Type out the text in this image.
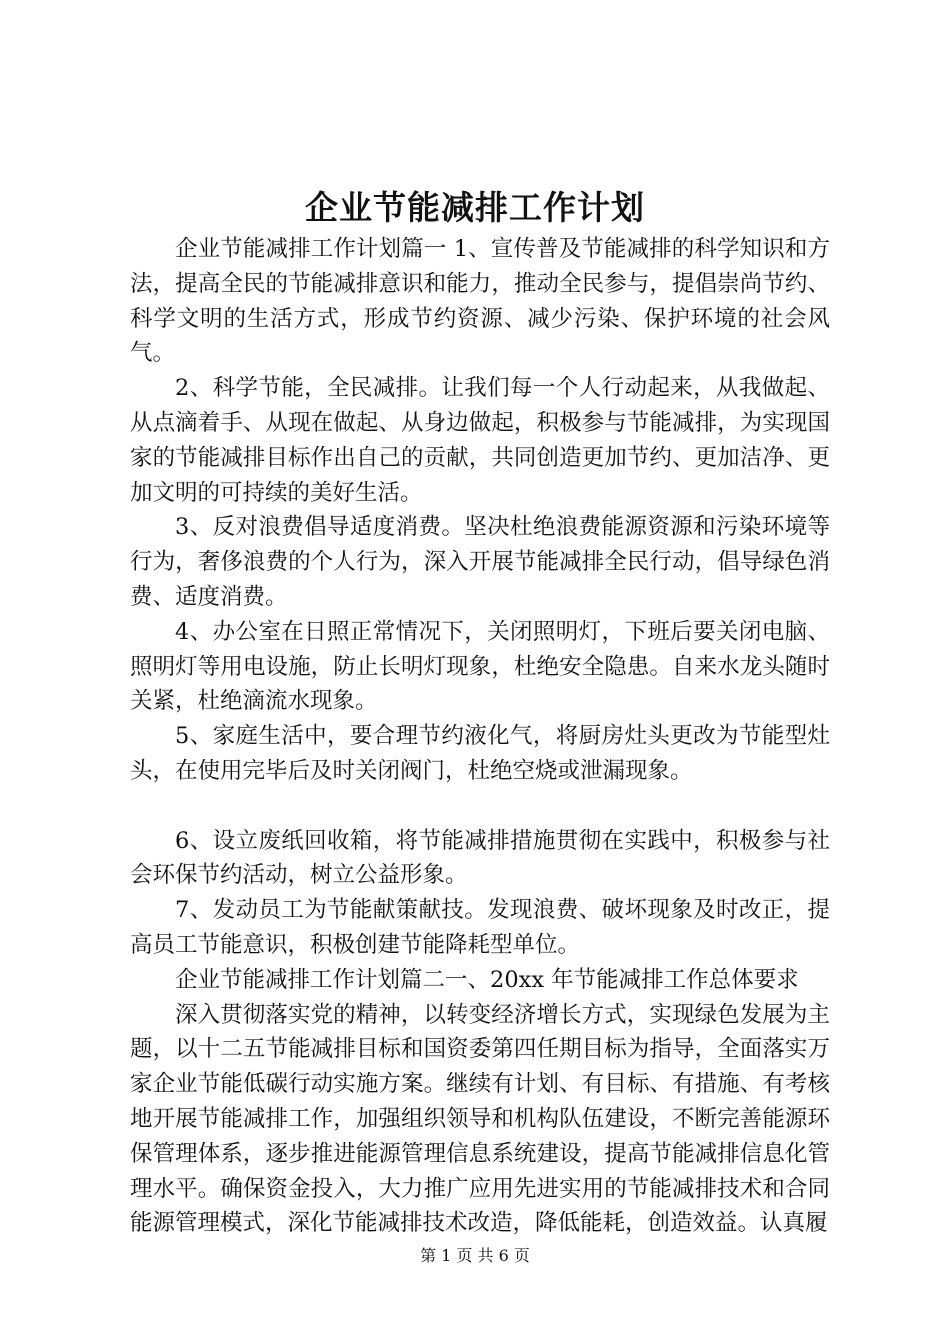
企业节能减排工作计划

企业节能减排工作计划篇一 1、宣传普及节能减排的科学知识和方法，提高全民的节能减排意识和能力，推动全民参与，提倡崇尚节约、科学文明的生活方式，形成节约资源、减少污染、保护环境的社会风气。

2、科学节能，全民减排。让我们每一个人行动起来，从我做起、从点滴着手、从现在做起、从身边做起，积极参与节能减排，为实现国家的节能减排目标作出自己的贡献，共同创造更加节约、更加洁净、更加文明的可持续的美好生活。

3、反对浪费倡导适度消费。坚决杜绝浪费能源资源和污染环境等行为，奢侈浪费的个人行为，深入开展节能减排全民行动，倡导绿色消费、适度消费。

4、办公室在日照正常情况下，关闭照明灯，下班后要关闭电脑、照明灯等用电设施，防止长明灯现象，杜绝安全隐患。自来水龙头随时关紧，杜绝滴流水现象。

5、家庭生活中，要合理节约液化气，将厨房灶头更改为节能型灶头，在使用完毕后及时关闭阀门，杜绝空烧或泄漏现象。

6、设立废纸回收箱，将节能减排措施贯彻在实践中，积极参与社会环保节约活动，树立公益形象。

7、发动员工为节能献策献技。发现浪费、破坏现象及时改正，提高员工节能意识，积极创建节能降耗型单位。

企业节能减排工作计划篇二一、20xx 年节能减排工作总体要求

深入贯彻落实党的精神，以转变经济增长方式，实现绿色发展为主题，以十二五节能减排目标和国资委第四任期目标为指导，全面落实万家企业节能低碳行动实施方案。继续有计划、有目标、有措施、有考核地开展节能减排工作，加强组织领导和机构队伍建设，不断完善能源环保管理体系，逐步推进能源管理信息系统建设，提高节能减排信息化管理水平。确保资金投入，大力推广应用先进实用的节能减排技术和合同能源管理模式，深化节能减排技术改造，降低能耗，创造效益。认真履

第 1 页 共 6 页
